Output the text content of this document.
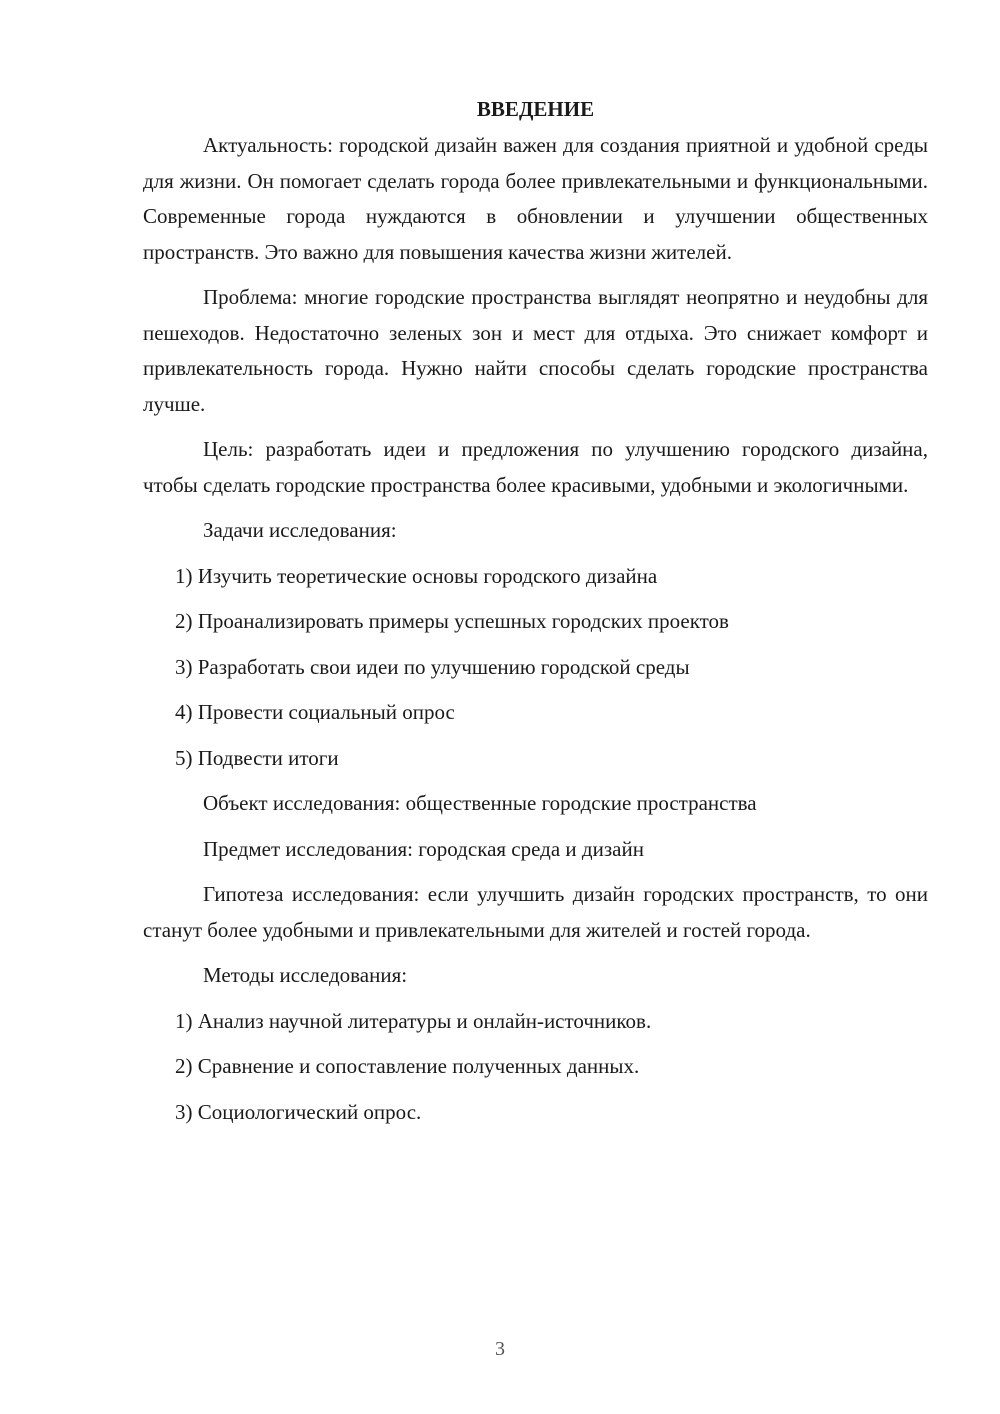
ВВЕДЕНИЕ

Актуальность: городской дизайн важен для создания приятной и удобной среды для жизни. Он помогает сделать города более привлекательными и функциональными. Современные города нуждаются в обновлении и улучшении общественных пространств. Это важно для повышения качества жизни жителей.

Проблема: многие городские пространства выглядят неопрятно и неудобны для пешеходов. Недостаточно зеленых зон и мест для отдыха. Это снижает комфорт и привлекательность города. Нужно найти способы сделать городские пространства лучше.

Цель: разработать идеи и предложения по улучшению городского дизайна, чтобы сделать городские пространства более красивыми, удобными и экологичными.

Задачи исследования:

1) Изучить теоретические основы городского дизайна

2) Проанализировать примеры успешных городских проектов

3) Разработать свои идеи по улучшению городской среды

4) Провести социальный опрос

5) Подвести итоги

Объект исследования: общественные городские пространства

Предмет исследования: городская среда и дизайн

Гипотеза исследования: если улучшить дизайн городских пространств, то они станут более удобными и привлекательными для жителей и гостей города.

Методы исследования:

1) Анализ научной литературы и онлайн-источников.

2) Сравнение и сопоставление полученных данных.

3) Социологический опрос.

3
